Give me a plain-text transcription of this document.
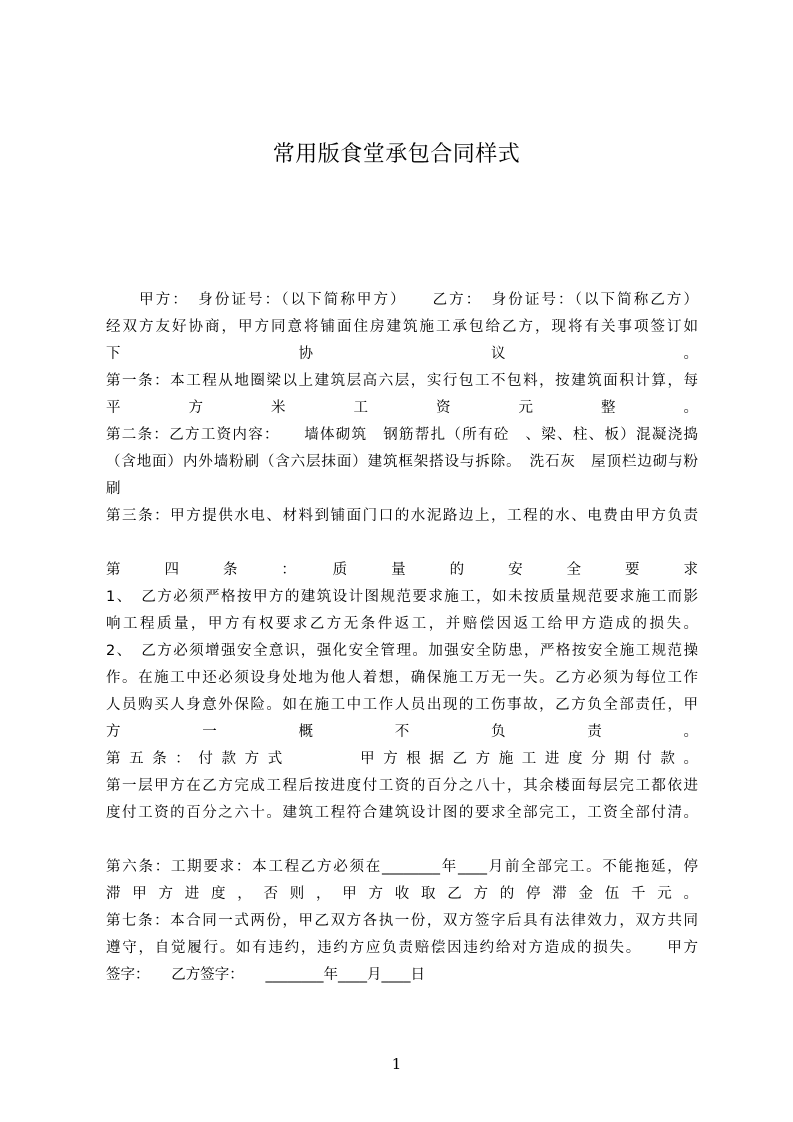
常用版食堂承包合同样式
　　甲方：　身份证号：（以下简称甲方）　　乙方：　身份证号：（以下简称乙方）
经双方友好协商，甲方同意将铺面住房建筑施工承包给乙方，现将有关事项签订如
下　协　议　。
第一条：本工程从地圈梁以上建筑层高六层，实行包工不包料，按建筑面积计算，每
平　方　米　工　资　元　整　。
第二条：乙方工资内容：　　墙体砌筑　钢筋帮扎（所有砼　、梁、柱、板）混凝浇捣
（含地面）内外墙粉刷（含六层抹面）建筑框架搭设与拆除。　洗石灰　屋顶栏边砌与粉
刷
第三条：甲方提供水电、材料到铺面门口的水泥路边上，工程的水、电费由甲方负责
第　四　条　：　质　量　的　安　全　要　求
1、　乙方必须严格按甲方的建筑设计图规范要求施工，如未按质量规范要求施工而影
响工程质量，甲方有权要求乙方无条件返工，并赔偿因返工给甲方造成的损失。
2、　乙方必须增强安全意识，强化安全管理。加强安全防患，严格按安全施工规范操
作。在施工中还必须设身处地为他人着想，确保施工万无一失。乙方必须为每位工作
人员购买人身意外保险。如在施工中工作人员出现的工伤事故，乙方负全部责任，甲
方　一　概　不　负　责　。
第五条：付款方式　　　甲方根据乙方施工进度分期付款。
第一层甲方在乙方完成工程后按进度付工资的百分之八十，其余楼面每层完工都依进
度付工资的百分之六十。建筑工程符合建筑设计图的要求全部完工，工资全部付清。
第六条：工期要求：本工程乙方必须在________年____月前全部完工。不能拖延，停
滞甲方进度，否则，甲方收取乙方的停滞金伍千元。
第七条：本合同一式两份，甲乙双方各执一份，双方签字后具有法律效力，双方共同
遵守，自觉履行。如有违约，违约方应负责赔偿因违约给对方造成的损失。　　甲方
签字：　　乙方签字：　　________年____月____日
1
